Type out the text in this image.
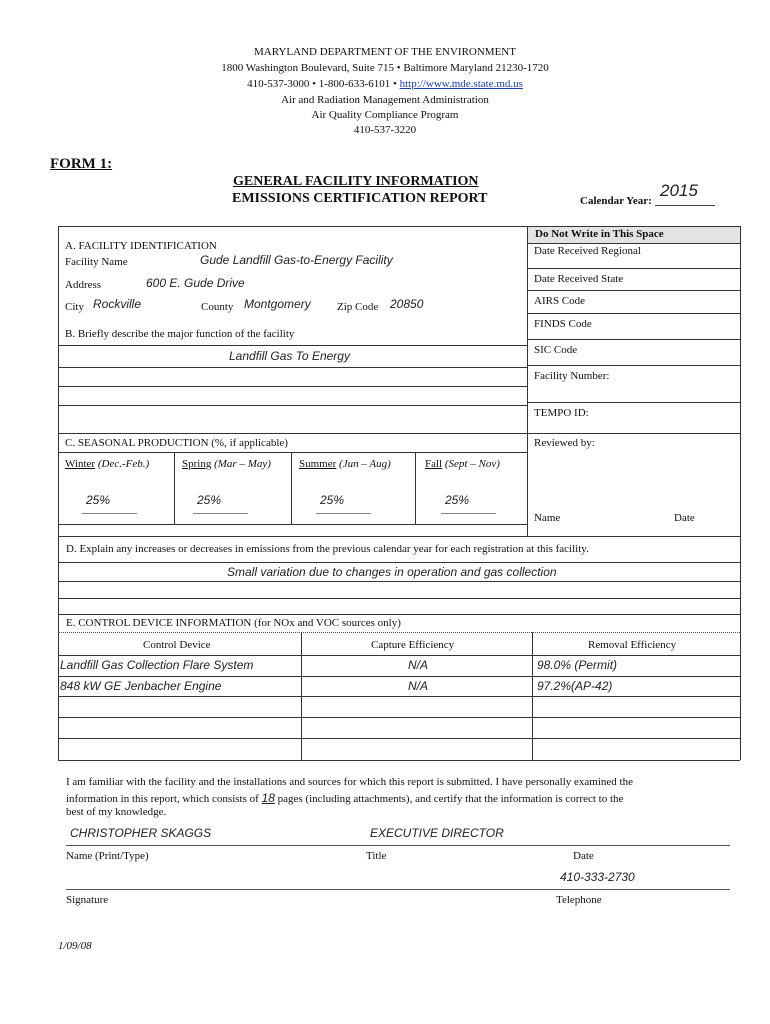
MARYLAND DEPARTMENT OF THE ENVIRONMENT
1800 Washington Boulevard, Suite 715 • Baltimore Maryland 21230-1720
410-537-3000 • 1-800-633-6101 • http://www.mde.state.md.us
Air and Radiation Management Administration
Air Quality Compliance Program
410-537-3220
FORM 1:
GENERAL FACILITY INFORMATION
EMISSIONS CERTIFICATION REPORT	Calendar Year:
2015
Do Not Write in This Space
Date Received Regional
Date Received State
AIRS Code
FINDS Code
SIC Code
Facility Number:
TEMPO ID:
Reviewed by:
Name	Date
A. FACILITY IDENTIFICATION
Facility Name	Gude Landfill Gas-to-Energy Facility
Address	600 E. Gude Drive
City Rockville	County Montgomery Zip Code 20850
B. Briefly describe the major function of the facility
Landfill Gas To Energy
C. SEASONAL PRODUCTION (%, if applicable)
Winter (Dec.-Feb.)	Spring (Mar – May)	Summer (Jun – Aug)	Fall (Sept – Nov)
25%	25%	25%	25%
__________	__________	__________	__________
D. Explain any increases or decreases in emissions from the previous calendar year for each registration at this facility.
Small variation due to changes in operation and gas collection
E. CONTROL DEVICE INFORMATION (for NOx and VOC sources only)
Control Device	Capture Efficiency	Removal Efficiency
Landfill Gas Collection Flare System	N/A	98.0% (Permit)
848 kW GE Jenbacher Engine	N/A	97.2%(AP-42)
I am familiar with the facility and the installations and sources for which this report is submitted. I have personally examined the
information in this report, which consists of 18 pages (including attachments), and certify that the information is correct to the
best of my knowledge.
CHRISTOPHER SKAGGS	EXECUTIVE DIRECTOR
Name (Print/Type)	Title	Date
410-333-2730
Signature	Telephone
1/09/08
